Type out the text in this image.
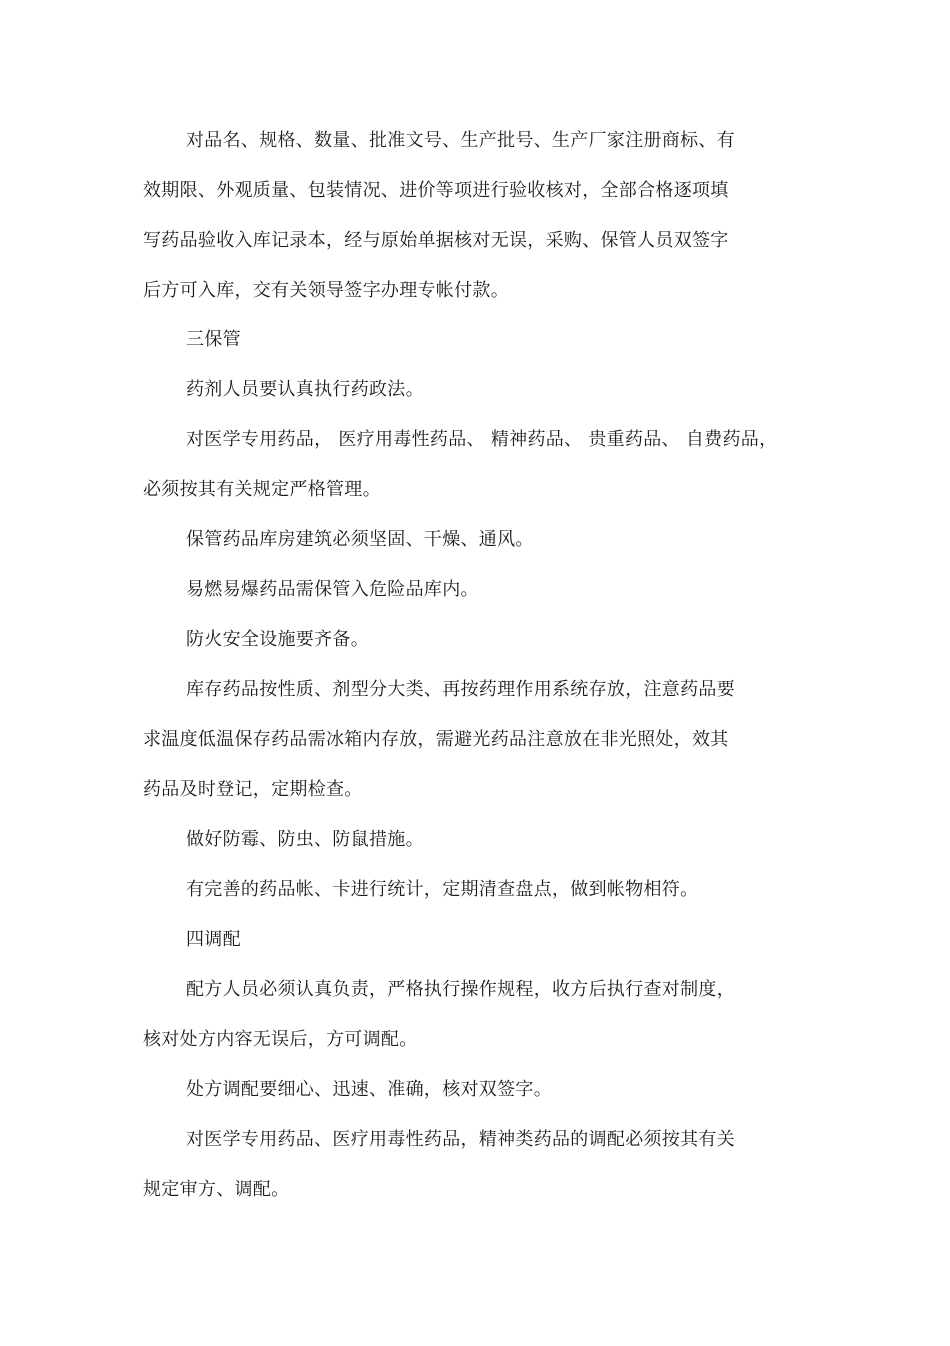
对品名、规格、数量、批准文号、生产批号、生产厂家注册商标、有
效期限、外观质量、包装情况、进价等项进行验收核对，全部合格逐项填
写药品验收入库记录本，经与原始单据核对无误，采购、保管人员双签字
后方可入库，交有关领导签字办理专帐付款。
三保管
药剂人员要认真执行药政法。
对医学专用药品， 医疗用毒性药品、 精神药品、 贵重药品、 自费药品，
必须按其有关规定严格管理。
保管药品库房建筑必须坚固、干燥、通风。
易燃易爆药品需保管入危险品库内。
防火安全设施要齐备。
库存药品按性质、剂型分大类、再按药理作用系统存放，注意药品要
求温度低温保存药品需冰箱内存放，需避光药品注意放在非光照处，效其
药品及时登记，定期检查。
做好防霉、防虫、防鼠措施。
有完善的药品帐、卡进行统计，定期清查盘点，做到帐物相符。
四调配
配方人员必须认真负责，严格执行操作规程，收方后执行查对制度，
核对处方内容无误后，方可调配。
处方调配要细心、迅速、准确，核对双签字。
对医学专用药品、医疗用毒性药品，精神类药品的调配必须按其有关
规定审方、调配。
